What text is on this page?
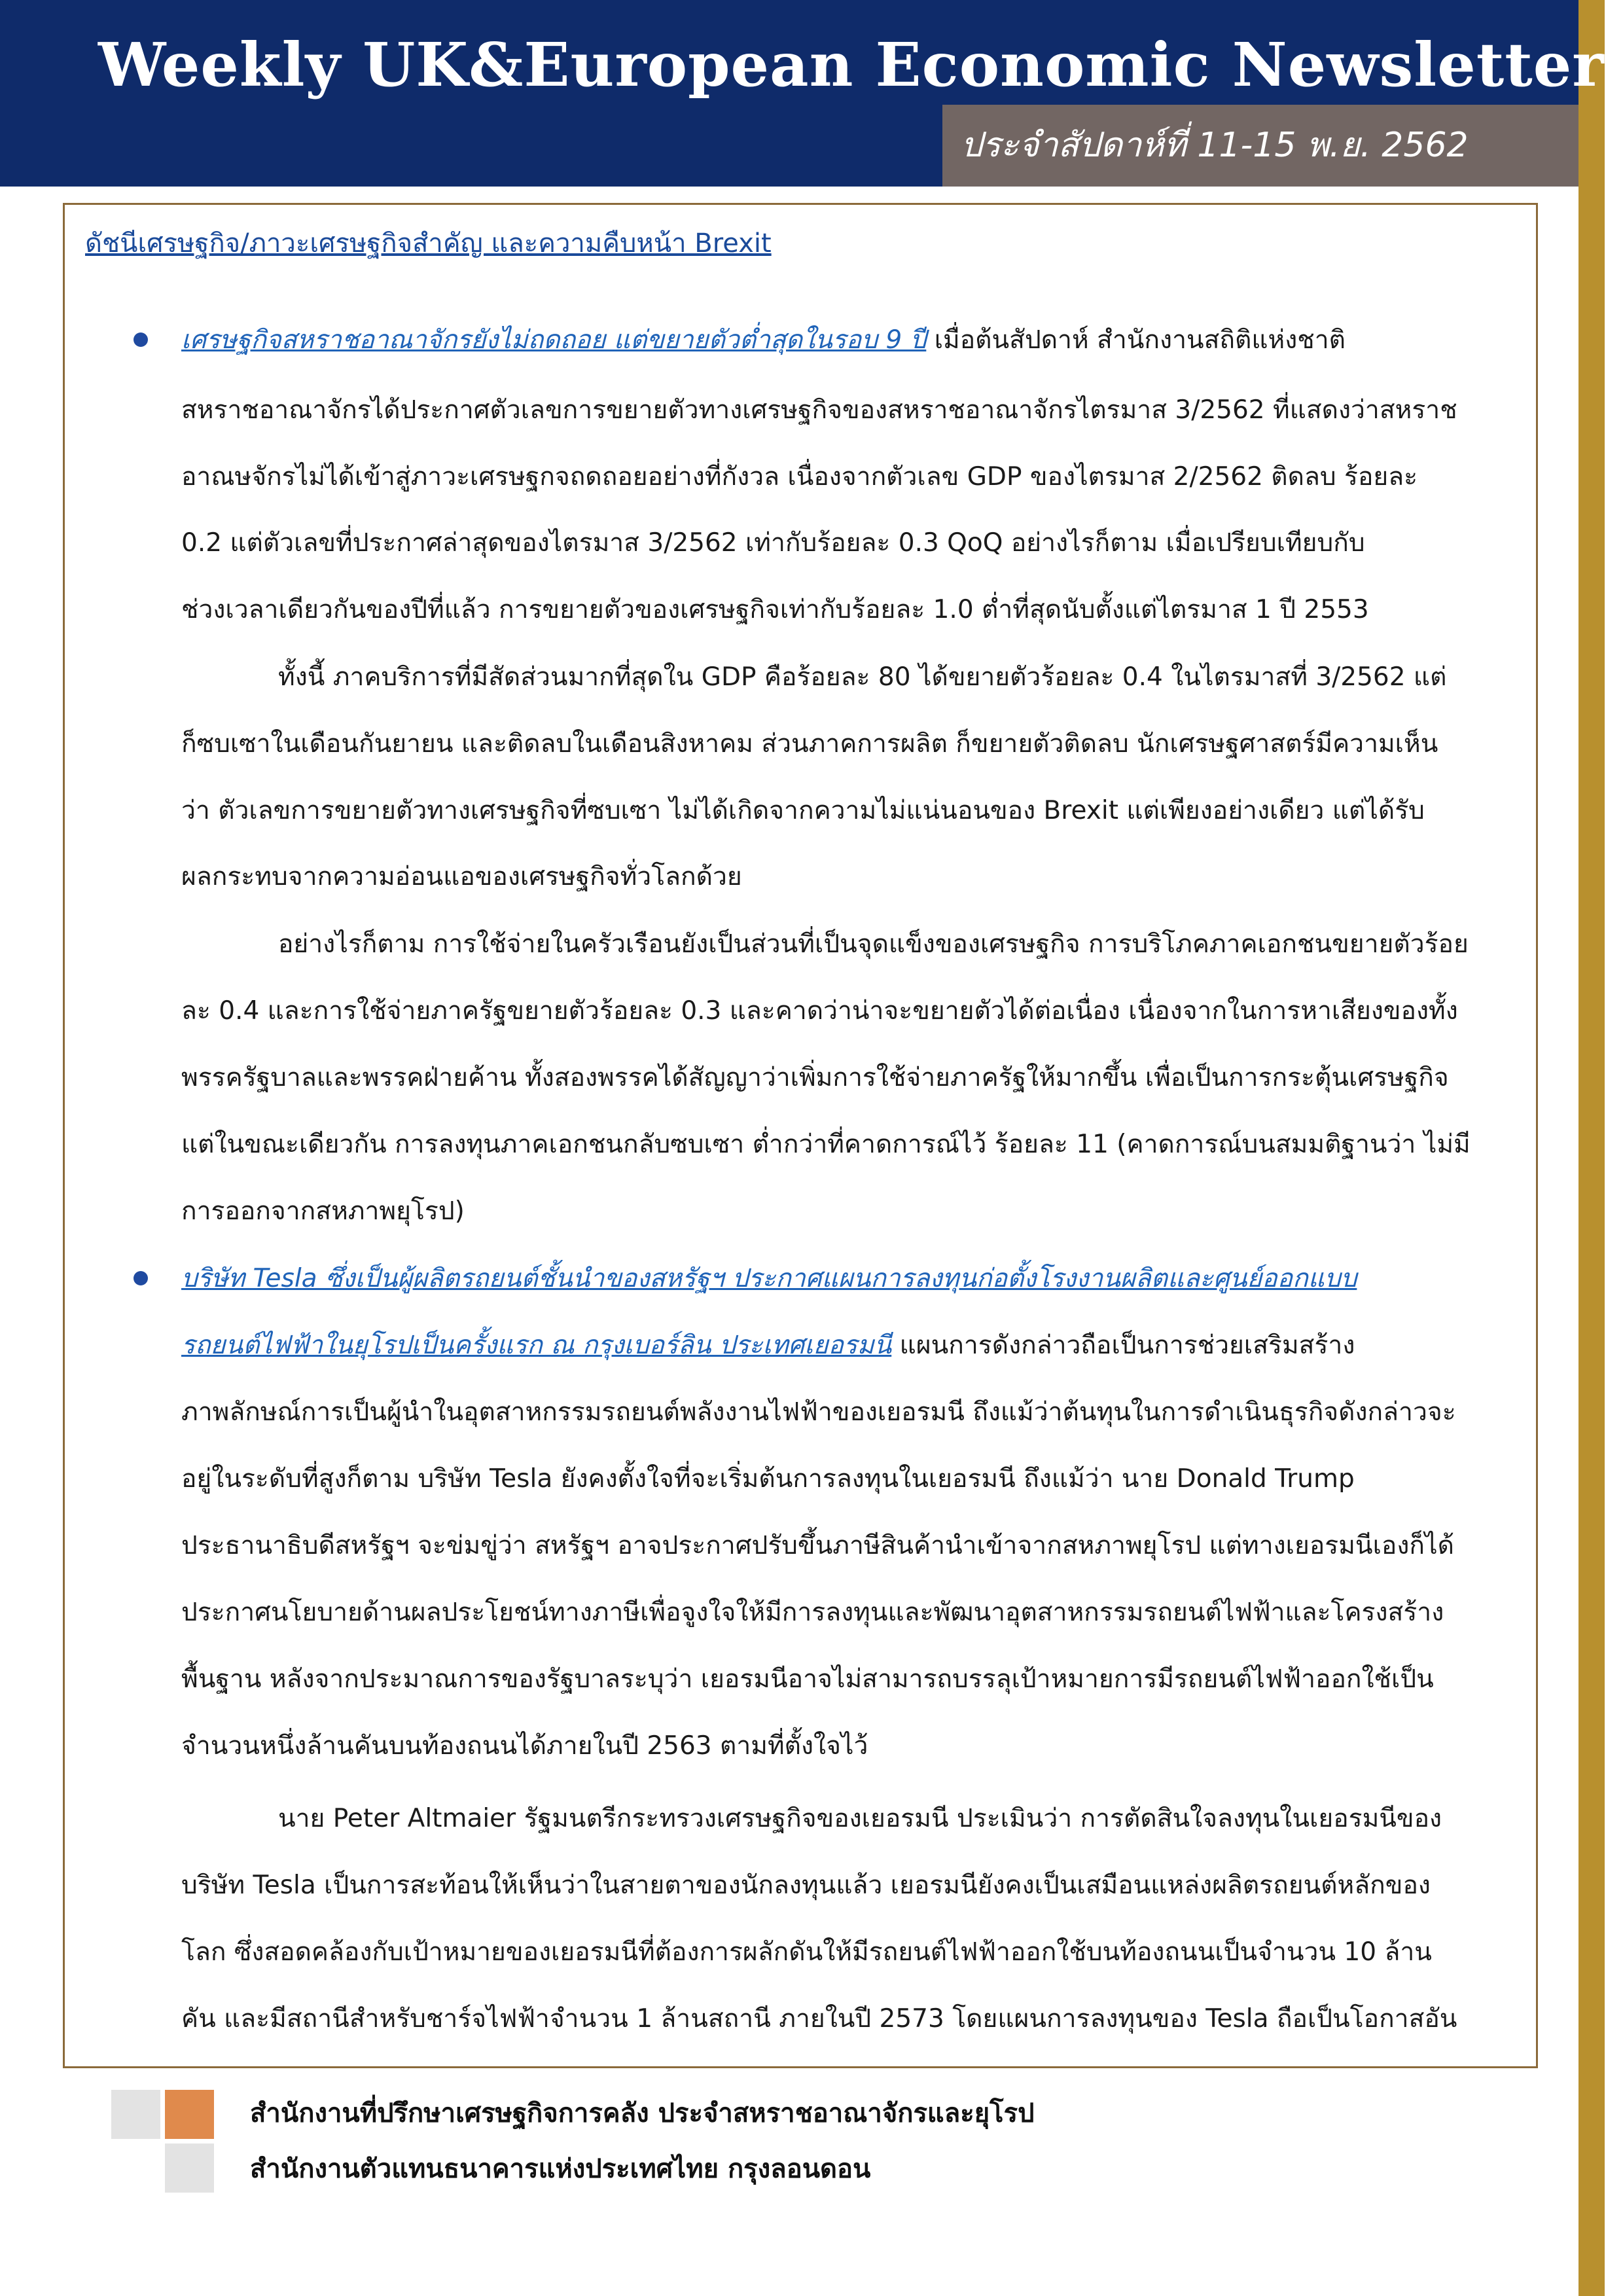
Weekly UK&European Economic Newsletter
ประจำสัปดาห์ที่ 11-15 พ.ย. 2562
ดัชนีเศรษฐกิจ/ภาวะเศรษฐกิจสำคัญ และความคืบหน้า Brexit

เศรษฐกิจสหราชอาณาจักรยังไม่ถดถอย แต่ขยายตัวต่ำสุดในรอบ 9 ปี เมื่อต้นสัปดาห์ สำนักงานสถิติแห่งชาติ

สหราชอาณาจักรได้ประกาศตัวเลขการขยายตัวทางเศรษฐกิจของสหราชอาณาจักรไตรมาส 3/2562 ที่แสดงว่าสหราช

อาณษจักรไม่ได้เข้าสู่ภาวะเศรษฐกจถดถอยอย่างที่กังวล เนื่องจากตัวเลข GDP ของไตรมาส 2/2562 ติดลบ ร้อยละ

0.2 แต่ตัวเลขที่ประกาศล่าสุดของไตรมาส 3/2562 เท่ากับร้อยละ 0.3 QoQ อย่างไรก็ตาม เมื่อเปรียบเทียบกับ

ช่วงเวลาเดียวกันของปีที่แล้ว การขยายตัวของเศรษฐกิจเท่ากับร้อยละ 1.0 ต่ำที่สุดนับตั้งแต่ไตรมาส 1 ปี 2553

ทั้งนี้ ภาคบริการที่มีสัดส่วนมากที่สุดใน GDP คือร้อยละ 80 ได้ขยายตัวร้อยละ 0.4 ในไตรมาสที่ 3/2562 แต่

ก็ซบเซาในเดือนกันยายน และติดลบในเดือนสิงหาคม ส่วนภาคการผลิต ก็ขยายตัวติดลบ นักเศรษฐศาสตร์มีความเห็น

ว่า ตัวเลขการขยายตัวทางเศรษฐกิจที่ซบเซา ไม่ได้เกิดจากความไม่แน่นอนของ Brexit แต่เพียงอย่างเดียว แต่ได้รับ

ผลกระทบจากความอ่อนแอของเศรษฐกิจทั่วโลกด้วย

อย่างไรก็ตาม การใช้จ่ายในครัวเรือนยังเป็นส่วนที่เป็นจุดแข็งของเศรษฐกิจ การบริโภคภาคเอกชนขยายตัวร้อย

ละ 0.4 และการใช้จ่ายภาครัฐขยายตัวร้อยละ 0.3 และคาดว่าน่าจะขยายตัวได้ต่อเนื่อง เนื่องจากในการหาเสียงของทั้ง

พรรครัฐบาลและพรรคฝ่ายค้าน ทั้งสองพรรคได้สัญญาว่าเพิ่มการใช้จ่ายภาครัฐให้มากขึ้น เพื่อเป็นการกระตุ้นเศรษฐกิจ

แต่ในขณะเดียวกัน การลงทุนภาคเอกชนกลับซบเซา ต่ำกว่าที่คาดการณ์ไว้ ร้อยละ 11 (คาดการณ์บนสมมติฐานว่า ไม่มี

การออกจากสหภาพยุโรป)

บริษัท Tesla ซึ่งเป็นผู้ผลิตรถยนต์ชั้นนำของสหรัฐฯ ประกาศแผนการลงทุนก่อตั้งโรงงานผลิตและศูนย์ออกแบบ

รถยนต์ไฟฟ้าในยุโรปเป็นครั้งแรก ณ กรุงเบอร์ลิน ประเทศเยอรมนี แผนการดังกล่าวถือเป็นการช่วยเสริมสร้าง

ภาพลักษณ์การเป็นผู้นำในอุตสาหกรรมรถยนต์พลังงานไฟฟ้าของเยอรมนี ถึงแม้ว่าต้นทุนในการดำเนินธุรกิจดังกล่าวจะ

อยู่ในระดับที่สูงก็ตาม บริษัท Tesla ยังคงตั้งใจที่จะเริ่มต้นการลงทุนในเยอรมนี ถึงแม้ว่า นาย Donald Trump

ประธานาธิบดีสหรัฐฯ จะข่มขู่ว่า สหรัฐฯ อาจประกาศปรับขึ้นภาษีสินค้านำเข้าจากสหภาพยุโรป แต่ทางเยอรมนีเองก็ได้

ประกาศนโยบายด้านผลประโยชน์ทางภาษีเพื่อจูงใจให้มีการลงทุนและพัฒนาอุตสาหกรรมรถยนต์ไฟฟ้าและโครงสร้าง

พื้นฐาน หลังจากประมาณการของรัฐบาลระบุว่า เยอรมนีอาจไม่สามารถบรรลุเป้าหมายการมีรถยนต์ไฟฟ้าออกใช้เป็น

จำนวนหนึ่งล้านคันบนท้องถนนได้ภายในปี 2563 ตามที่ตั้งใจไว้

นาย Peter Altmaier รัฐมนตรีกระทรวงเศรษฐกิจของเยอรมนี ประเมินว่า การตัดสินใจลงทุนในเยอรมนีของ

บริษัท Tesla เป็นการสะท้อนให้เห็นว่าในสายตาของนักลงทุนแล้ว เยอรมนียังคงเป็นเสมือนแหล่งผลิตรถยนต์หลักของ

โลก ซึ่งสอดคล้องกับเป้าหมายของเยอรมนีที่ต้องการผลักดันให้มีรถยนต์ไฟฟ้าออกใช้บนท้องถนนเป็นจำนวน 10 ล้าน

คัน และมีสถานีสำหรับชาร์จไฟฟ้าจำนวน 1 ล้านสถานี ภายในปี 2573 โดยแผนการลงทุนของ Tesla ถือเป็นโอกาสอัน

สำนักงานที่ปรึกษาเศรษฐกิจการคลัง ประจำสหราชอาณาจักรและยุโรป

สำนักงานตัวแทนธนาคารแห่งประเทศไทย กรุงลอนดอน
